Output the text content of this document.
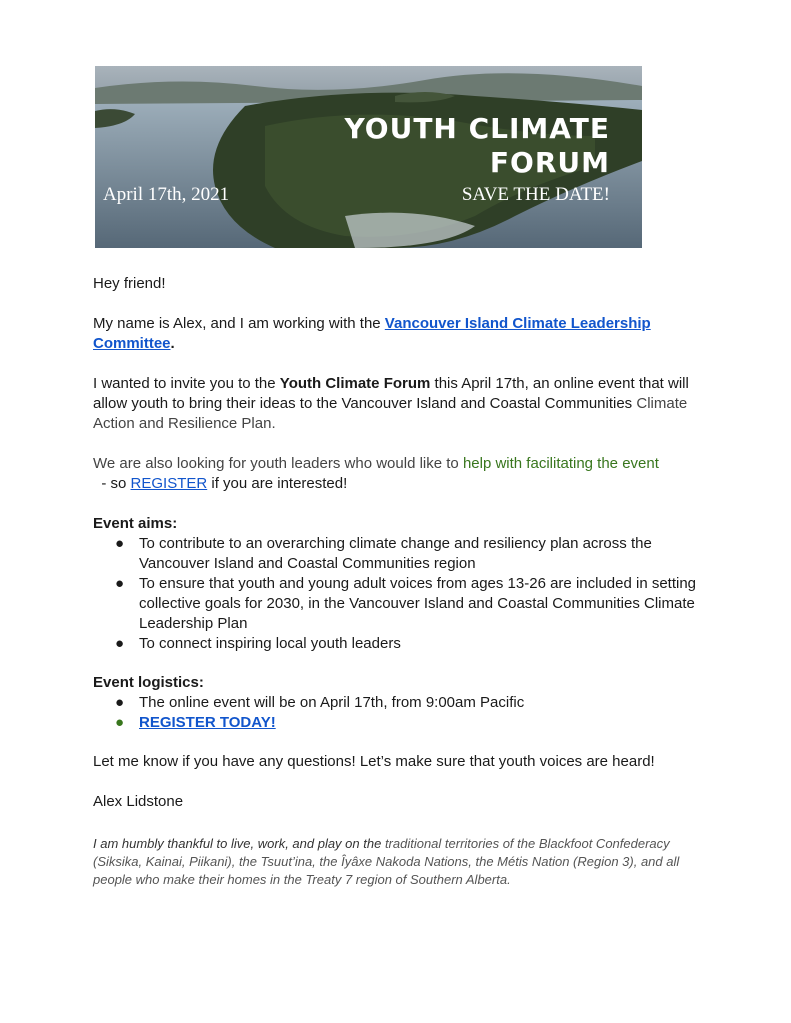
YOUTH CLIMATE
FORUM
April 17th, 2021	SAVE THE DATE!

Hey friend!

My name is Alex, and I am working with the Vancouver Island Climate Leadership Committee.

I wanted to invite you to the Youth Climate Forum this April 17th, an online event that will allow youth to bring their ideas to the Vancouver Island and Coastal Communities Climate Action and Resilience Plan.

We are also looking for youth leaders who would like to help with facilitating the event  - so REGISTER if you are interested!

Event aims:

● To contribute to an overarching climate change and resiliency plan across the Vancouver Island and Coastal Communities region
● To ensure that youth and young adult voices from ages 13-26 are included in setting collective goals for 2030, in the Vancouver Island and Coastal Communities Climate Leadership Plan
● To connect inspiring local youth leaders

Event logistics:

● The online event will be on April 17th, from 9:00am Pacific
● REGISTER TODAY!

Let me know if you have any questions! Let’s make sure that youth voices are heard!

Alex Lidstone

I am humbly thankful to live, work, and play on the traditional territories of the Blackfoot Confederacy (Siksika, Kainai, Piikani), the Tsuut’ina, the Îyâxe Nakoda Nations, the Métis Nation (Region 3), and all people who make their homes in the Treaty 7 region of Southern Alberta.
